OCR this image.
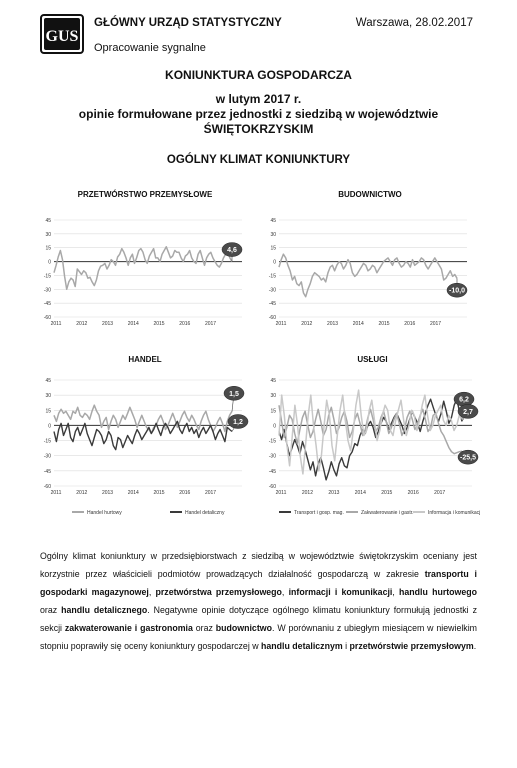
GUS
GŁÓWNY URZĄD STATYSTYCZNY
Opracowanie sygnalne
Warszawa, 28.02.2017
KONIUNKTURA GOSPODARCZA
w lutym 2017 r.
opinie formułowane przez jednostki z siedzibą w województwie
ŚWIĘTOKRZYSKIM
OGÓLNY KLIMAT KONIUNKTURY
PRZETWÓRSTWO PRZEMYSŁOWE
45
30
15
0
-15
-30
-45
-60
2011	2012	2013	2014	2015	2016	2017
4,6
BUDOWNICTWO
45
30
15
0
-15
-30
-45
-60
2011	2012	2013	2014	2015	2016	2017
-10,0
HANDEL
45
30
15
0
-15
-30
-45
-60
2011	2012	2013	2014	2015	2016	2017
1,5
1,2
Handel hurtowy	Handel detaliczny
USŁUGI
45
30
15
0
-15
-30
-45
-60
2011	2012	2013	2014	2015	2016	2017
6,2
2,7
-25,5
Transport i gosp. mag.	Zakwaterowanie i gastr.	Informacja i komunikacja
Ogólny klimat koniunktury w przedsiębiorstwach z siedzibą w województwie świętokrzyskim oceniany jest korzystnie przez właścicieli podmiotów prowadzących działalność gospodarczą w zakresie transportu i gospodarki magazynowej, przetwórstwa przemysłowego, informacji i komunikacji, handlu hurtowego oraz handlu detalicznego. Negatywne opinie dotyczące ogólnego klimatu koniunktury formułują jednostki z sekcji zakwaterowanie i gastronomia oraz budownictwo. W porównaniu z ubiegłym miesiącem w niewielkim stopniu poprawiły się oceny koniunktury gospodarczej w handlu detalicznym i przetwórstwie przemysłowym.
